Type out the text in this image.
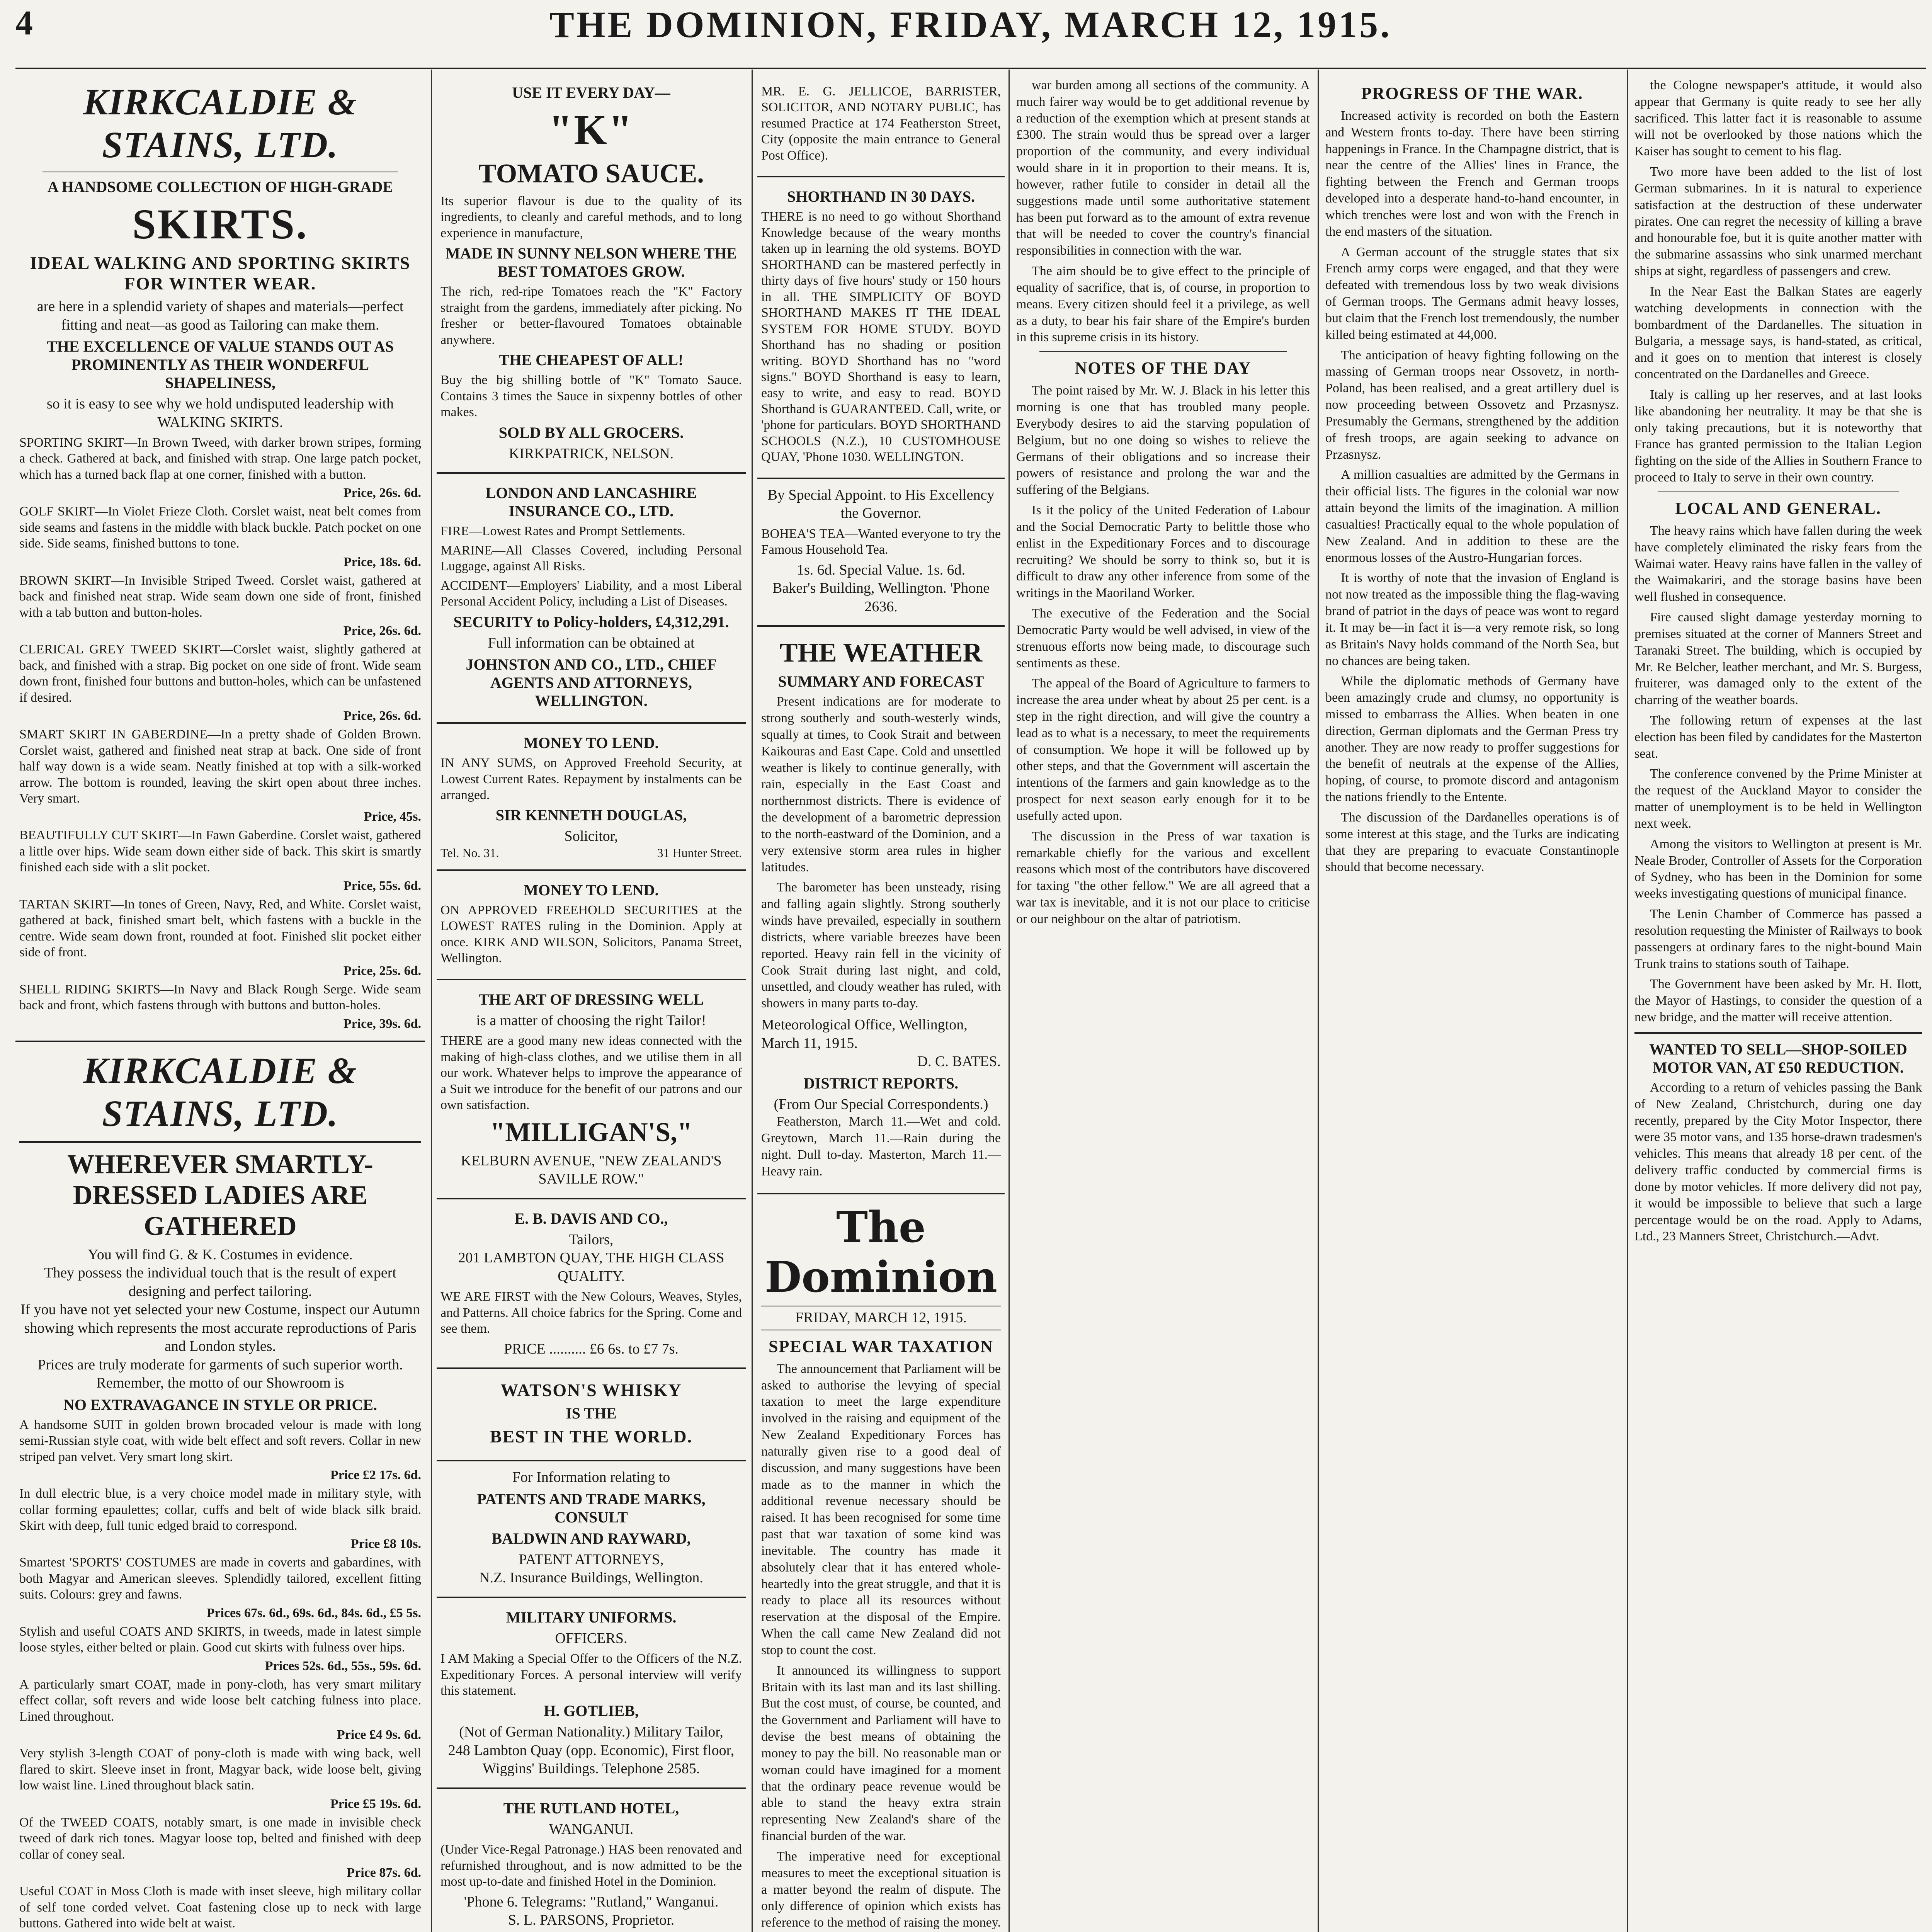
4	THE DOMINION, FRIDAY, MARCH 12, 1915.
KIRKCALDIE & STAINS, LTD.
A HANDSOME COLLECTION OF HIGH-GRADE
SKIRTS.
IDEAL WALKING AND SPORTING SKIRTS FOR WINTER WEAR.
are here in a splendid variety of shapes and materials—perfect fitting and neat—as good as Tailoring can make them.
THE EXCELLENCE OF VALUE STANDS OUT AS PROMINENTLY AS THEIR WONDERFUL SHAPELINESS,
so it is easy to see why we hold undisputed leadership with WALKING SKIRTS.
SPORTING SKIRT—In Brown Tweed, with darker brown stripes, forming a check. Gathered at back, and finished with strap. One large patch pocket, which has a turned back flap at one corner, finished with a button.
Price, 26s. 6d.
GOLF SKIRT—In Violet Frieze Cloth. Corslet waist, neat belt comes from side seams and fastens in the middle with black buckle. Patch pocket on one side. Side seams, finished buttons to tone.
Price, 18s. 6d.
BROWN SKIRT—In Invisible Striped Tweed. Corslet waist, gathered at back and finished neat strap. Wide seam down one side of front, finished with a tab button and button-holes.
Price, 26s. 6d.
CLERICAL GREY TWEED SKIRT—Corslet waist, slightly gathered at back, and finished with a strap. Big pocket on one side of front. Wide seam down front, finished four buttons and button-holes, which can be unfastened if desired.
Price, 26s. 6d.
SMART SKIRT IN GABERDINE—In a pretty shade of Golden Brown. Corslet waist, gathered and finished neat strap at back. One side of front half way down is a wide seam. Neatly finished at top with a silk-worked arrow. The bottom is rounded, leaving the skirt open about three inches. Very smart.
Price, 45s.
BEAUTIFULLY CUT SKIRT—In Fawn Gaberdine. Corslet waist, gathered a little over hips. Wide seam down either side of back. This skirt is smartly finished each side with a slit pocket.
Price, 55s. 6d.
TARTAN SKIRT—In tones of Green, Navy, Red, and White. Corslet waist, gathered at back, finished smart belt, which fastens with a buckle in the centre. Wide seam down front, rounded at foot. Finished slit pocket either side of front.
Price, 25s. 6d.
SHELL RIDING SKIRTS—In Navy and Black Rough Serge. Wide seam back and front, which fastens through with buttons and button-holes.
Price, 39s. 6d.
KIRKCALDIE & STAINS, LTD.
WHEREVER SMARTLY-DRESSED LADIES ARE GATHERED
You will find G. & K. Costumes in evidence.
They possess the individual touch that is the result of expert designing and perfect tailoring.
If you have not yet selected your new Costume, inspect our Autumn showing which represents the most accurate reproductions of Paris and London styles.
Prices are truly moderate for garments of such superior worth.
Remember, the motto of our Showroom is
NO EXTRAVAGANCE IN STYLE OR PRICE.
A handsome SUIT in golden brown brocaded velour is made with long semi-Russian style coat, with wide belt effect and soft revers. Collar in new striped pan velvet. Very smart long skirt.
Price £2 17s. 6d.
In dull electric blue, is a very choice model made in military style, with collar forming epaulettes; collar, cuffs and belt of wide black silk braid. Skirt with deep, full tunic edged braid to correspond.
Price £8 10s.
Smartest 'SPORTS' COSTUMES are made in coverts and gabardines, with both Magyar and American sleeves. Splendidly tailored, excellent fitting suits. Colours: grey and fawns.
Prices 67s. 6d., 69s. 6d., 84s. 6d., £5 5s.
Stylish and useful COATS AND SKIRTS, in tweeds, made in latest simple loose styles, either belted or plain. Good cut skirts with fulness over hips.
Prices 52s. 6d., 55s., 59s. 6d.
A particularly smart COAT, made in pony-cloth, has very smart military effect collar, soft revers and wide loose belt catching fulness into place. Lined throughout.
Price £4 9s. 6d.
Very stylish 3-length COAT of pony-cloth is made with wing back, well flared to skirt. Sleeve inset in front, Magyar back, wide loose belt, giving low waist line. Lined throughout black satin.
Price £5 19s. 6d.
Of the TWEED COATS, notably smart, is one made in invisible check tweed of dark rich tones. Magyar loose top, belted and finished with deep collar of coney seal.
Price 87s. 6d.
Useful COAT in Moss Cloth is made with inset sleeve, high military collar of self tone corded velvet. Coat fastening close up to neck with large buttons. Gathered into wide belt at waist.
USE IT EVERY DAY—
"K"
TOMATO SAUCE.
Its superior flavour is due to the quality of its ingredients, to cleanly and careful methods, and to long experience in manufacture,
MADE IN SUNNY NELSON WHERE THE BEST TOMATOES GROW.
The rich, red-ripe Tomatoes reach the "K" Factory straight from the gardens, immediately after picking. No fresher or better-flavoured Tomatoes obtainable anywhere.
THE CHEAPEST OF ALL!
Buy the big shilling bottle of "K" Tomato Sauce. Contains 3 times the Sauce in sixpenny bottles of other makes.
SOLD BY ALL GROCERS.
KIRKPATRICK, NELSON.
LONDON AND LANCASHIRE INSURANCE CO., LTD.
FIRE—Lowest Rates and Prompt Settlements.
MARINE—All Classes Covered, including Personal Luggage, against All Risks.
ACCIDENT—Employers' Liability, and a most Liberal Personal Accident Policy, including a List of Diseases.
SECURITY to Policy-holders, £4,312,291.
Full information can be obtained at
JOHNSTON AND CO., LTD., CHIEF AGENTS AND ATTORNEYS, WELLINGTON.
MONEY TO LEND.
IN ANY SUMS, on Approved Freehold Security, at Lowest Current Rates. Repayment by instalments can be arranged.
SIR KENNETH DOUGLAS,
Solicitor,
Tel. No. 31.	31 Hunter Street.
MONEY TO LEND.
ON APPROVED FREEHOLD SECURITIES at the LOWEST RATES ruling in the Dominion. Apply at once. KIRK AND WILSON, Solicitors, Panama Street, Wellington.
THE ART OF DRESSING WELL
is a matter of choosing the right Tailor!
THERE are a good many new ideas connected with the making of high-class clothes, and we utilise them in all our work. Whatever helps to improve the appearance of a Suit we introduce for the benefit of our patrons and our own satisfaction.
"MILLIGAN'S,"
KELBURN AVENUE, "NEW ZEALAND'S SAVILLE ROW."
E. B. DAVIS AND CO.,
Tailors,
201 LAMBTON QUAY, THE HIGH CLASS QUALITY.
WE ARE FIRST with the New Colours, Weaves, Styles, and Patterns. All choice fabrics for the Spring. Come and see them.
PRICE .......... £6 6s. to £7 7s.
WATSON'S WHISKY
IS THE
BEST IN THE WORLD.
For Information relating to
PATENTS AND TRADE MARKS, CONSULT
BALDWIN AND RAYWARD,
PATENT ATTORNEYS,
N.Z. Insurance Buildings, Wellington.
MILITARY UNIFORMS.
OFFICERS.
I AM Making a Special Offer to the Officers of the N.Z. Expeditionary Forces. A personal interview will verify this statement.
H. GOTLIEB,
(Not of German Nationality.) Military Tailor,
248 Lambton Quay (opp. Economic), First floor, Wiggins' Buildings. Telephone 2585.
THE RUTLAND HOTEL,
WANGANUI.
(Under Vice-Regal Patronage.) HAS been renovated and refurnished throughout, and is now admitted to be the most up-to-date and finished Hotel in the Dominion.
'Phone 6. Telegrams: "Rutland," Wanganui.
S. L. PARSONS, Proprietor.
MR. E. G. JELLICOE, BARRISTER, SOLICITOR, AND NOTARY PUBLIC, has resumed Practice at 174 Featherston Street, City (opposite the main entrance to General Post Office).
SHORTHAND IN 30 DAYS.
THERE is no need to go without Shorthand Knowledge because of the weary months taken up in learning the old systems. BOYD SHORTHAND can be mastered perfectly in thirty days of five hours' study or 150 hours in all. THE SIMPLICITY OF BOYD SHORTHAND MAKES IT THE IDEAL SYSTEM FOR HOME STUDY. BOYD Shorthand has no shading or position writing. BOYD Shorthand has no "word signs." BOYD Shorthand is easy to learn, easy to write, and easy to read. BOYD Shorthand is GUARANTEED. Call, write, or 'phone for particulars. BOYD SHORTHAND SCHOOLS (N.Z.), 10 CUSTOMHOUSE QUAY, 'Phone 1030. WELLINGTON.
By Special Appoint. to His Excellency the Governor.
BOHEA'S TEA—Wanted everyone to try the Famous Household Tea.
1s. 6d. Special Value. 1s. 6d.
Baker's Building, Wellington. 'Phone 2636.
THE WEATHER
SUMMARY AND FORECAST
Present indications are for moderate to strong southerly and south-westerly winds, squally at times, to Cook Strait and between Kaikouras and East Cape. Cold and unsettled weather is likely to continue generally, with rain, especially in the East Coast and northernmost districts. There is evidence of the development of a barometric depression to the north-eastward of the Dominion, and a very extensive storm area rules in higher latitudes.
The barometer has been unsteady, rising and falling again slightly. Strong southerly winds have prevailed, especially in southern districts, where variable breezes have been reported. Heavy rain fell in the vicinity of Cook Strait during last night, and cold, unsettled, and cloudy weather has ruled, with showers in many parts to-day.
Meteorological Office, Wellington, March 11, 1915.
D. C. BATES.
DISTRICT REPORTS.
(From Our Special Correspondents.)
Featherston, March 11.—Wet and cold. Greytown, March 11.—Rain during the night. Dull to-day. Masterton, March 11.—Heavy rain.
The Dominion
FRIDAY, MARCH 12, 1915.
SPECIAL WAR TAXATION
The announcement that Parliament will be asked to authorise the levying of special taxation to meet the large expenditure involved in the raising and equipment of the New Zealand Expeditionary Forces has naturally given rise to a good deal of discussion, and many suggestions have been made as to the manner in which the additional revenue necessary should be raised. It has been recognised for some time past that war taxation of some kind was inevitable. The country has made it absolutely clear that it has entered whole-heartedly into the great struggle, and that it is ready to place all its resources without reservation at the disposal of the Empire. When the call came New Zealand did not stop to count the cost.
It announced its willingness to support Britain with its last man and its last shilling. But the cost must, of course, be counted, and the Government and Parliament will have to devise the best means of obtaining the money to pay the bill. No reasonable man or woman could have imagined for a moment that the ordinary peace revenue would be able to stand the heavy extra strain representing New Zealand's share of the financial burden of the war.
The imperative need for exceptional measures to meet the exceptional situation is a matter beyond the realm of dispute. The only difference of opinion which exists has reference to the method of raising the money.
war burden among all sections of the community. A much fairer way would be to get additional revenue by a reduction of the exemption which at present stands at £300. The strain would thus be spread over a larger proportion of the community, and every individual would share in it in proportion to their means. It is, however, rather futile to consider in detail all the suggestions made until some authoritative statement has been put forward as to the amount of extra revenue that will be needed to cover the country's financial responsibilities in connection with the war.
The aim should be to give effect to the principle of equality of sacrifice, that is, of course, in proportion to means. Every citizen should feel it a privilege, as well as a duty, to bear his fair share of the Empire's burden in this supreme crisis in its history.
NOTES OF THE DAY
The point raised by Mr. W. J. Black in his letter this morning is one that has troubled many people. Everybody desires to aid the starving population of Belgium, but no one doing so wishes to relieve the Germans of their obligations and so increase their powers of resistance and prolong the war and the suffering of the Belgians.
Is it the policy of the United Federation of Labour and the Social Democratic Party to belittle those who enlist in the Expeditionary Forces and to discourage recruiting? We should be sorry to think so, but it is difficult to draw any other inference from some of the writings in the Maoriland Worker.
The executive of the Federation and the Social Democratic Party would be well advised, in view of the strenuous efforts now being made, to discourage such sentiments as these.
The appeal of the Board of Agriculture to farmers to increase the area under wheat by about 25 per cent. is a step in the right direction, and will give the country a lead as to what is a necessary, to meet the requirements of consumption. We hope it will be followed up by other steps, and that the Government will ascertain the intentions of the farmers and gain knowledge as to the prospect for next season early enough for it to be usefully acted upon.
The discussion in the Press of war taxation is remarkable chiefly for the various and excellent reasons which most of the contributors have discovered for taxing "the other fellow." We are all agreed that a war tax is inevitable, and it is not our place to criticise or our neighbour on the altar of patriotism.
PROGRESS OF THE WAR.
Increased activity is recorded on both the Eastern and Western fronts to-day. There have been stirring happenings in France. In the Champagne district, that is near the centre of the Allies' lines in France, the fighting between the French and German troops developed into a desperate hand-to-hand encounter, in which trenches were lost and won with the French in the end masters of the situation.
A German account of the struggle states that six French army corps were engaged, and that they were defeated with tremendous loss by two weak divisions of German troops. The Germans admit heavy losses, but claim that the French lost tremendously, the number killed being estimated at 44,000.
The anticipation of heavy fighting following on the massing of German troops near Ossovetz, in north-Poland, has been realised, and a great artillery duel is now proceeding between Ossovetz and Przasnysz. Presumably the Germans, strengthened by the addition of fresh troops, are again seeking to advance on Przasnysz.
A million casualties are admitted by the Germans in their official lists. The figures in the colonial war now attain beyond the limits of the imagination. A million casualties! Practically equal to the whole population of New Zealand. And in addition to these are the enormous losses of the Austro-Hungarian forces.
It is worthy of note that the invasion of England is not now treated as the impossible thing the flag-waving brand of patriot in the days of peace was wont to regard it. It may be—in fact it is—a very remote risk, so long as Britain's Navy holds command of the North Sea, but no chances are being taken.
While the diplomatic methods of Germany have been amazingly crude and clumsy, no opportunity is missed to embarrass the Allies. When beaten in one direction, German diplomats and the German Press try another. They are now ready to proffer suggestions for the benefit of neutrals at the expense of the Allies, hoping, of course, to promote discord and antagonism the nations friendly to the Entente.
The discussion of the Dardanelles operations is of some interest at this stage, and the Turks are indicating that they are preparing to evacuate Constantinople should that become necessary.
the Cologne newspaper's attitude, it would also appear that Germany is quite ready to see her ally sacrificed. This latter fact it is reasonable to assume will not be overlooked by those nations which the Kaiser has sought to cement to his flag.
Two more have been added to the list of lost German submarines. In it is natural to experience satisfaction at the destruction of these underwater pirates. One can regret the necessity of killing a brave and honourable foe, but it is quite another matter with the submarine assassins who sink unarmed merchant ships at sight, regardless of passengers and crew.
In the Near East the Balkan States are eagerly watching developments in connection with the bombardment of the Dardanelles. The situation in Bulgaria, a message says, is hand-stated, as critical, and it goes on to mention that interest is closely concentrated on the Dardanelles and Greece.
Italy is calling up her reserves, and at last looks like abandoning her neutrality. It may be that she is only taking precautions, but it is noteworthy that France has granted permission to the Italian Legion fighting on the side of the Allies in Southern France to proceed to Italy to serve in their own country.
LOCAL AND GENERAL.
The heavy rains which have fallen during the week have completely eliminated the risky fears from the Waimai water. Heavy rains have fallen in the valley of the Waimakariri, and the storage basins have been well flushed in consequence.
Fire caused slight damage yesterday morning to premises situated at the corner of Manners Street and Taranaki Street. The building, which is occupied by Mr. Re Belcher, leather merchant, and Mr. S. Burgess, fruiterer, was damaged only to the extent of the charring of the weather boards.
The following return of expenses at the last election has been filed by candidates for the Masterton seat.
The conference convened by the Prime Minister at the request of the Auckland Mayor to consider the matter of unemployment is to be held in Wellington next week.
Among the visitors to Wellington at present is Mr. Neale Broder, Controller of Assets for the Corporation of Sydney, who has been in the Dominion for some weeks investigating questions of municipal finance.
The Lenin Chamber of Commerce has passed a resolution requesting the Minister of Railways to book passengers at ordinary fares to the night-bound Main Trunk trains to stations south of Taihape.
The Government have been asked by Mr. H. Ilott, the Mayor of Hastings, to consider the question of a new bridge, and the matter will receive attention.
WANTED TO SELL—SHOP-SOILED MOTOR VAN, AT £50 REDUCTION.
According to a return of vehicles passing the Bank of New Zealand, Christchurch, during one day recently, prepared by the City Motor Inspector, there were 35 motor vans, and 135 horse-drawn tradesmen's vehicles. This means that already 18 per cent. of the delivery traffic conducted by commercial firms is done by motor vehicles. If more delivery did not pay, it would be impossible to believe that such a large percentage would be on the road. Apply to Adams, Ltd., 23 Manners Street, Christchurch.—Advt.
